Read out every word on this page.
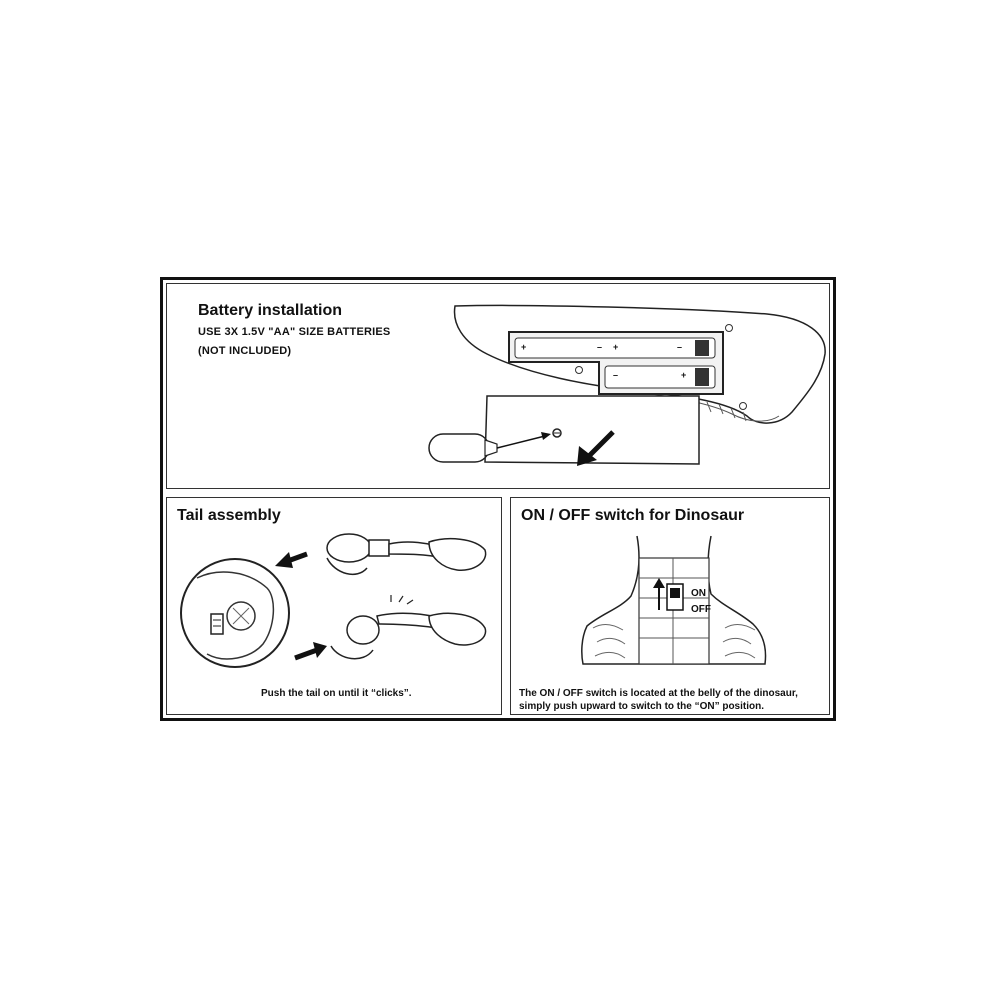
Battery installation
USE 3X 1.5V "AA" SIZE BATTERIES
(NOT INCLUDED)	+	– +	–
–	+
Tail assembly
Push the tail on until it “clicks”.
ON / OFF switch for Dinosaur
ON
OFF
The ON / OFF switch is located at the belly of the dinosaur,
simply push upward to switch to the “ON” position.
